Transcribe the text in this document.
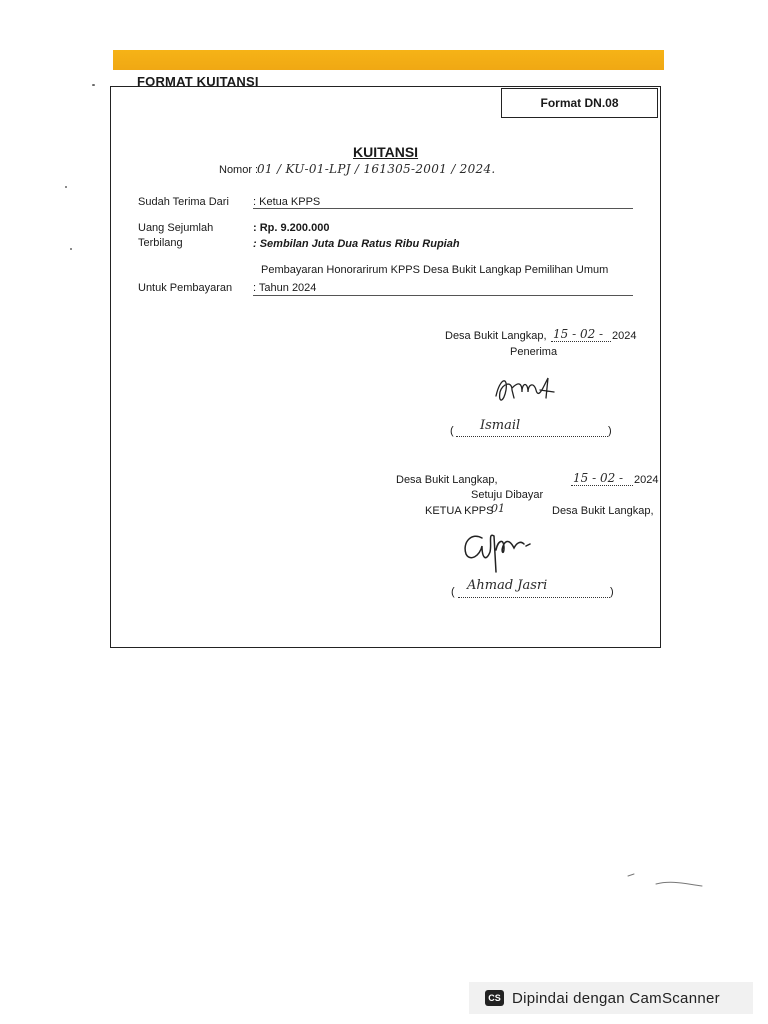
FORMAT KUITANSI
Format DN.08
KUITANSI
Nomor :
01 / KU-01-LPJ / 161305-2001 / 2024.
Sudah Terima Dari : Ketua KPPS
Uang Sejumlah	: Rp. 9.200.000
Terbilang	: Sembilan Juta Dua Ratus Ribu Rupiah
Pembayaran Honorarirum KPPS Desa Bukit Langkap Pemilihan Umum
Untuk Pembayaran : Tahun 2024
Desa Bukit Langkap, 15 - 02 - 2024
Penerima
( Ismail	)
Desa Bukit Langkap,	15 - 02 - 2024
Setuju Dibayar
KETUA KPPS
01	Desa Bukit Langkap,
( Ahmad Jasri	)
CS Dipindai dengan CamScanner
